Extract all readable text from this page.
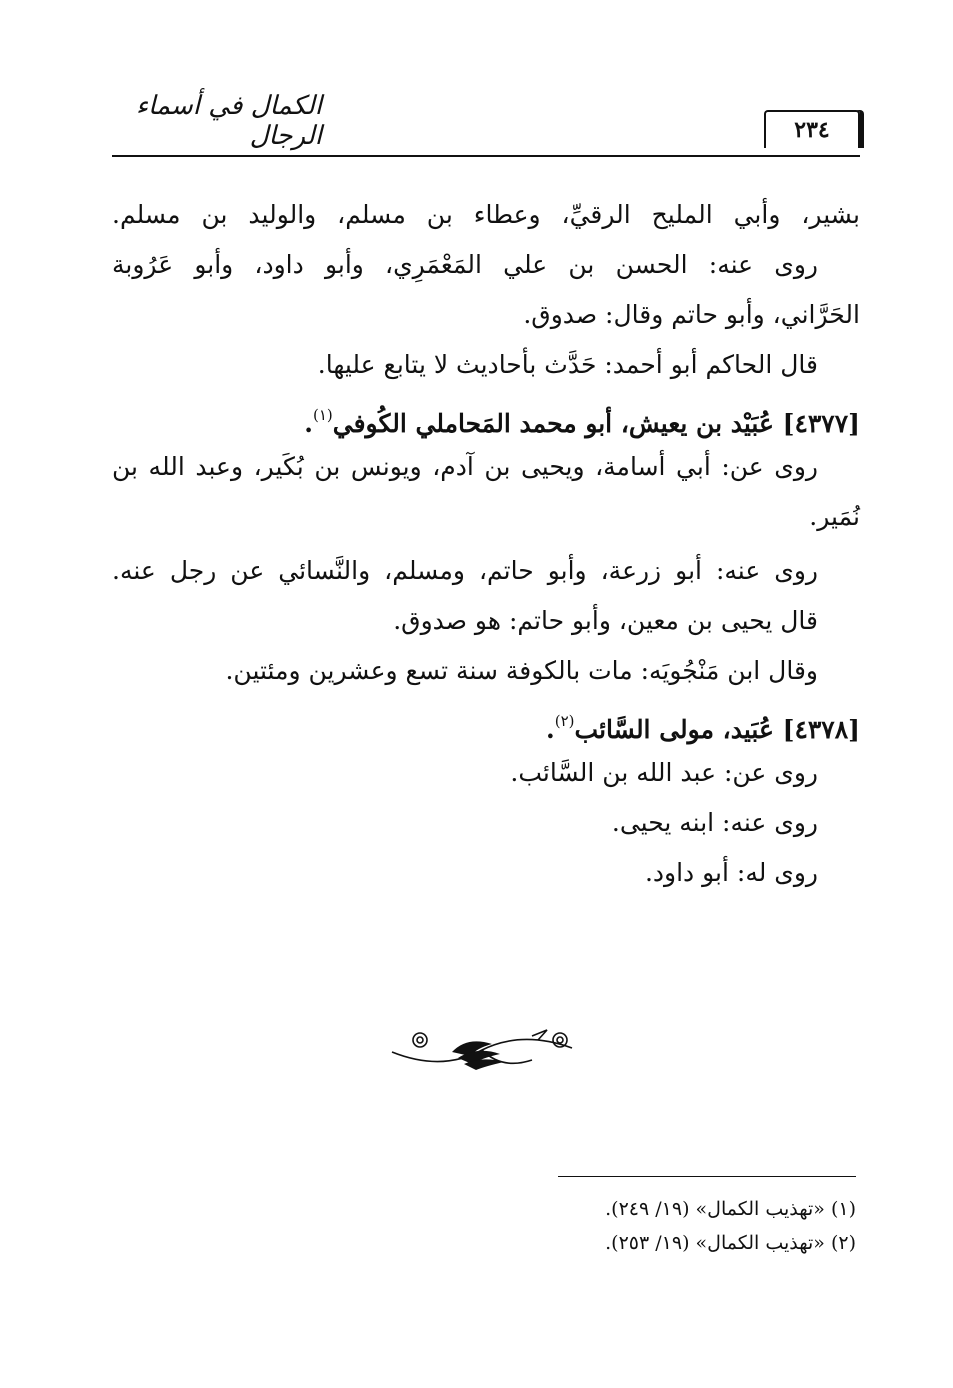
الكمال في أسماء الرجال	٢٣٤
بشير، وأبي المليح الرقيِّ، وعطاء بن مسلم، والوليد بن مسلم.
روى عنه: الحسن بن علي المَعْمَرِي، وأبو داود، وأبو عَرُوبة
الحَرَّاني، وأبو حاتم وقال: صدوق.
قال الحاكم أبو أحمد: حَدَّث بأحاديث لا يتابع عليها.
[٤٣٧٧] عُبَيْد بن يعيش، أبو محمد المَحاملي الكُوفي$^{(١)}$.
روى عن: أبي أسامة، ويحيى بن آدم، ويونس بن بُكَير، وعبد الله بن
نُمَير.
روى عنه: أبو زرعة، وأبو حاتم، ومسلم، والنَّسائي عن رجل عنه.
قال يحيى بن معين، وأبو حاتم: هو صدوق.
وقال ابن مَنْجُويَه: مات بالكوفة سنة تسع وعشرين ومئتين.
[٤٣٧٨] عُبَيد، مولى السَّائب$^{(٢)}$.
روى عن: عبد الله بن السَّائب.
روى عنه: ابنه يحيى.
روى له: أبو داود.
(١) «تهذيب الكمال» (١٩/ ٢٤٩).
(٢) «تهذيب الكمال» (١٩/ ٢٥٣).
